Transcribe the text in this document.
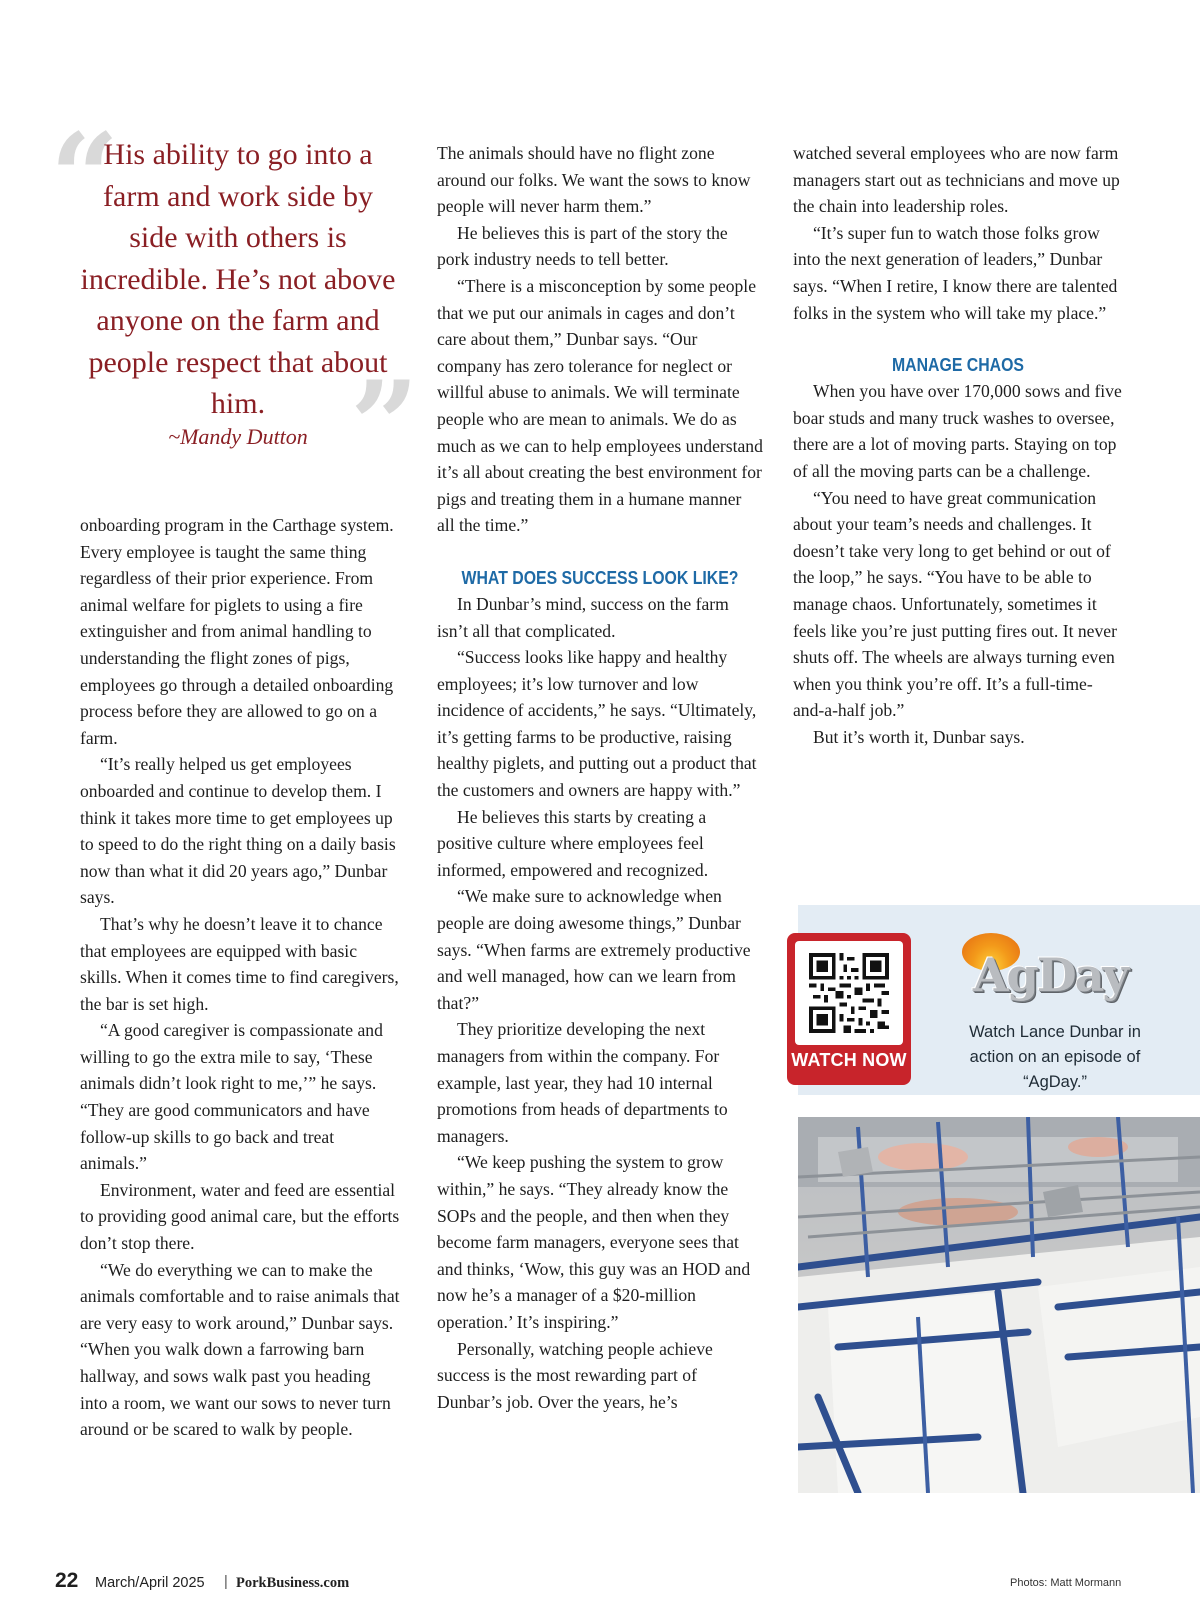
“
”

His ability to go into a farm and work side by side with others is incredible. He’s not above anyone on the farm and people respect that about him.

~Mandy Dutton

onboarding program in the Carthage system. Every employee is taught the same thing regardless of their prior experience. From animal welfare for piglets to using a fire extinguisher and from animal handling to understanding the flight zones of pigs, employees go through a detailed onboarding process before they are allowed to go on a farm.

“It’s really helped us get employees onboarded and continue to develop them. I think it takes more time to get employees up to speed to do the right thing on a daily basis now than what it did 20 years ago,” Dunbar says.

That’s why he doesn’t leave it to chance that employees are equipped with basic skills. When it comes time to find caregivers, the bar is set high.

“A good caregiver is compassionate and willing to go the extra mile to say, ‘These animals didn’t look right to me,’” he says. “They are good communicators and have follow-up skills to go back and treat animals.”

Environment, water and feed are essential to providing good animal care, but the efforts don’t stop there.

“We do everything we can to make the animals comfortable and to raise animals that are very easy to work around,” Dunbar says. “When you walk down a farrowing barn hallway, and sows walk past you heading into a room, we want our sows to never turn around or be scared to walk by people.

The animals should have no flight zone around our folks. We want the sows to know people will never harm them.”

He believes this is part of the story the pork industry needs to tell better.

“There is a misconception by some people that we put our animals in cages and don’t care about them,” Dunbar says. “Our company has zero tolerance for neglect or willful abuse to animals. We will terminate people who are mean to animals. We do as much as we can to help employees understand it’s all about creating the best environment for pigs and treating them in a humane manner all the time.”

WHAT DOES SUCCESS LOOK LIKE?

In Dunbar’s mind, success on the farm isn’t all that complicated.

“Success looks like happy and healthy employees; it’s low turnover and low incidence of accidents,” he says. “Ultimately, it’s getting farms to be productive, raising healthy piglets, and putting out a product that the customers and owners are happy with.”

He believes this starts by creating a positive culture where employees feel informed, empowered and recognized.

“We make sure to acknowledge when people are doing awesome things,” Dunbar says. “When farms are extremely productive and well managed, how can we learn from that?”

They prioritize developing the next managers from within the company. For example, last year, they had 10 internal promotions from heads of departments to managers.

“We keep pushing the system to grow within,” he says. “They already know the SOPs and the people, and then when they become farm managers, everyone sees that and thinks, ‘Wow, this guy was an HOD and now he’s a manager of a $20-million operation.’ It’s inspiring.”

Personally, watching people achieve success is the most rewarding part of Dunbar’s job. Over the years, he’s

watched several employees who are now farm managers start out as technicians and move up the chain into leadership roles.

“It’s super fun to watch those folks grow into the next generation of leaders,” Dunbar says. “When I retire, I know there are talented folks in the system who will take my place.”

MANAGE CHAOS

When you have over 170,000 sows and five boar studs and many truck washes to oversee, there are a lot of moving parts. Staying on top of all the moving parts can be a challenge.

“You need to have great communication about your team’s needs and challenges. It doesn’t take very long to get behind or out of the loop,” he says. “You have to be able to manage chaos. Unfortunately, sometimes it feels like you’re just putting fires out. It never shuts off. The wheels are always turning even when you think you’re off. It’s a full-time-and-a-half job.”

But it’s worth it, Dunbar says.

WATCH NOW
AgDay

Watch Lance Dunbar in action on an episode of “AgDay.”

22 March/April 2025 | PorkBusiness.com	Photos: Matt Mormann
